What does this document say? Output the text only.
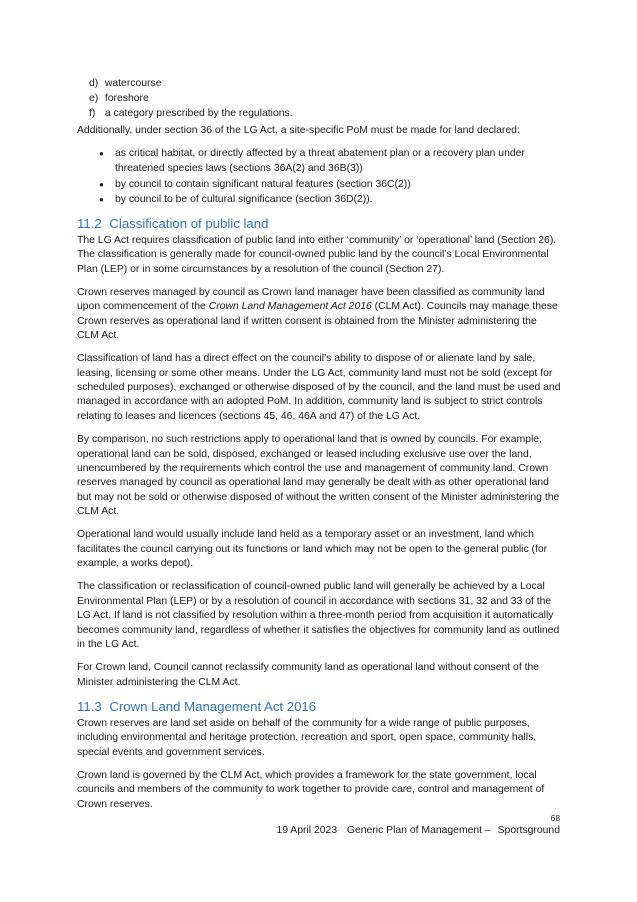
d) watercourse
e) foreshore
f) a category prescribed by the regulations.

Additionally, under section 36 of the LG Act, a site-specific PoM must be made for land declared:

● as critical habitat, or directly affected by a threat abatement plan or a recovery plan under threatened species laws (sections 36A(2) and 36B(3))
● by council to contain significant natural features (section 36C(2))
● by council to be of cultural significance (section 36D(2)).
11.2 Classification of public land

The LG Act requires classification of public land into either ‘community’ or ‘operational’ land (Section 26). The classification is generally made for council-owned public land by the council’s Local Environmental Plan (LEP) or in some circumstances by a resolution of the council (Section 27).

Crown reserves managed by council as Crown land manager have been classified as community land upon commencement of the Crown Land Management Act 2016 (CLM Act). Councils may manage these Crown reserves as operational land if written consent is obtained from the Minister administering the CLM Act.

Classification of land has a direct effect on the council’s ability to dispose of or alienate land by sale, leasing, licensing or some other means. Under the LG Act, community land must not be sold (except for scheduled purposes), exchanged or otherwise disposed of by the council, and the land must be used and managed in accordance with an adopted PoM. In addition, community land is subject to strict controls relating to leases and licences (sections 45, 46, 46A and 47) of the LG Act.

By comparison, no such restrictions apply to operational land that is owned by councils. For example, operational land can be sold, disposed, exchanged or leased including exclusive use over the land, unencumbered by the requirements which control the use and management of community land. Crown reserves managed by council as operational land may generally be dealt with as other operational land but may not be sold or otherwise disposed of without the written consent of the Minister administering the CLM Act.

Operational land would usually include land held as a temporary asset or an investment, land which facilitates the council carrying out its functions or land which may not be open to the general public (for example, a works depot).

The classification or reclassification of council-owned public land will generally be achieved by a Local Environmental Plan (LEP) or by a resolution of council in accordance with sections 31, 32 and 33 of the LG Act. If land is not classified by resolution within a three-month period from acquisition it automatically becomes community land, regardless of whether it satisfies the objectives for community land as outlined in the LG Act.

For Crown land, Council cannot reclassify community land as operational land without consent of the Minister administering the CLM Act.

11.3 Crown Land Management Act 2016

Crown reserves are land set aside on behalf of the community for a wide range of public purposes, including environmental and heritage protection, recreation and sport, open space, community halls, special events and government services.

Crown land is governed by the CLM Act, which provides a framework for the state government, local councils and members of the community to work together to provide care, control and management of Crown reserves.

68
19 April 2023 Generic Plan of Management – Sportsground
